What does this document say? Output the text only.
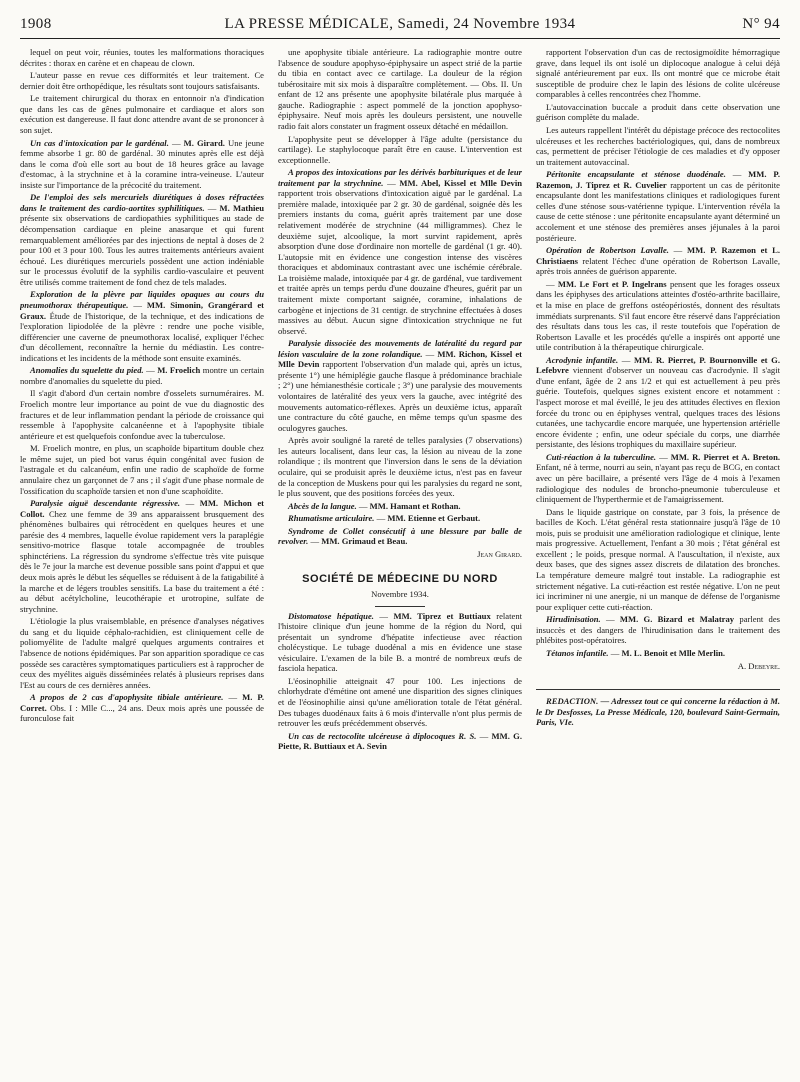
1908	LA PRESSE MÉDICALE, Samedi, 24 Novembre 1934	N° 94

lequel on peut voir, réunies, toutes les malformations thoraciques décrites : thorax en carène et en chapeau de clown.

L'auteur passe en revue ces difformités et leur traitement. Ce dernier doit être orthopédique, les résultats sont toujours satisfaisants.

Le traitement chirurgical du thorax en entonnoir n'a d'indication que dans les cas de gênes pulmonaire et cardiaque et alors son exécution est dangereuse. Il faut donc attendre avant de se prononcer à son sujet.

Un cas d'intoxication par le gardénal. — M. Girard. Une jeune femme absorbe 1 gr. 80 de gardénal. 30 minutes après elle est déjà dans le coma d'où elle sort au bout de 18 heures grâce au lavage d'estomac, à la strychnine et à la coramine intra-veineuse. L'auteur insiste sur l'importance de la précocité du traitement.

De l'emploi des sels mercuriels diurétiques à doses réfractées dans le traitement des cardio-aortites syphilitiques. — M. Mathieu présente six observations de cardiopathies syphilitiques au stade de décompensation cardiaque en pleine anasarque et qui furent remarquablement améliorées par des injections de neptal à doses de 2 pour 100 et 3 pour 100. Tous les autres traitements antérieurs avaient échoué. Les diurétiques mercuriels possèdent une action indéniable sur le processus évolutif de la syphilis cardio-vasculaire et peuvent être utilisés comme traitement de fond chez de tels malades.

Exploration de la plèvre par liquides opaques au cours du pneumothorax thérapeutique. — MM. Simonin, Grangérard et Graux. Étude de l'historique, de la technique, et des indications de l'exploration lipiodolée de la plèvre : rendre une poche visible, différencier une caverne de pneumothorax localisé, expliquer l'échec d'un décollement, reconnaître la hernie du médiastin. Les contre-indications et les incidents de la méthode sont ensuite examinés.

Anomalies du squelette du pied. — M. Froelich montre un certain nombre d'anomalies du squelette du pied.

Il s'agit d'abord d'un certain nombre d'osselets surnuméraires. M. Froelich montre leur importance au point de vue du diagnostic des fractures et de leur inflammation pendant la période de croissance qui ressemble à l'apophysite calcanéenne et à l'apophysite tibiale antérieure et est quelquefois confondue avec la tuberculose.

M. Froelich montre, en plus, un scaphoïde bipartitum double chez le même sujet, un pied bot varus équin congénital avec fusion de l'astragale et du calcanéum, enfin une radio de scaphoïde de forme annulaire chez un garçonnet de 7 ans ; il s'agit d'une phase normale de l'ossification du scaphoïde tarsien et non d'une scaphoïdite.

Paralysie aiguë descendante régressive. — MM. Michon et Collot. Chez une femme de 39 ans apparaissent brusquement des phénomènes bulbaires qui rétrocèdent en quelques heures et une parésie des 4 membres, laquelle évolue rapidement vers la paraplégie sensitivo-motrice flasque totale accompagnée de troubles sphinctériens. La régression du syndrome s'effectue très vite puisque dès le 7e jour la marche est devenue possible sans point d'appui et que deux mois après le début les séquelles se réduisent à de la fatigabilité à la marche et de légers troubles sensitifs. La base du traitement a été : au début acétylcholine, leucothérapie et urotropine, sulfate de strychnine.

L'étiologie la plus vraisemblable, en présence d'analyses négatives du sang et du liquide céphalo-rachidien, est cliniquement celle de poliomyélite de l'adulte malgré quelques arguments contraires et l'absence de notions épidémiques. Par son apparition sporadique ce cas possède ses caractères symptomatiques particuliers est à rapprocher de ceux des myélites aiguës disséminées relatés à plusieurs reprises dans l'Est au cours de ces dernières années.

A propos de 2 cas d'apophysite tibiale antérieure. — M. P. Corret. Obs. I : Mlle C..., 24 ans. Deux mois après une poussée de furonculose fait

une apophysite tibiale antérieure. La radiographie montre outre l'absence de soudure apophyso-épiphysaire un aspect strié de la partie du tibia en contact avec ce cartilage. La douleur de la région tubérositaire mit six mois à disparaître complètement. — Obs. II. Un enfant de 12 ans présente une apophysite bilatérale plus marquée à gauche. Radiographie : aspect pommelé de la jonction apophyso-épiphysaire. Neuf mois après les douleurs persistent, une nouvelle radio fait alors constater un fragment osseux détaché en médaillon.

L'apophysite peut se développer à l'âge adulte (persistance du cartilage). Le staphylocoque paraît être en cause. L'intervention est exceptionnelle.

A propos des intoxications par les dérivés barbituriques et de leur traitement par la strychnine. — MM. Abel, Kissel et Mlle Devin rapportent trois observations d'intoxication aiguë par le gardénal. La première malade, intoxiquée par 2 gr. 30 de gardénal, soignée dès les premiers instants du coma, guérit après traitement par une dose relativement modérée de strychnine (44 milligrammes). Chez le deuxième sujet, alcoolique, la mort survint rapidement, après absorption d'une dose d'ordinaire non mortelle de gardénal (1 gr. 40). L'autopsie mit en évidence une congestion intense des viscères thoraciques et abdominaux contrastant avec une ischémie cérébrale. La troisième malade, intoxiquée par 4 gr. de gardénal, vue tardivement et traitée après un temps perdu d'une douzaine d'heures, guérit par un traitement mixte comportant saignée, coramine, inhalations de carbogène et injections de 31 centigr. de strychnine effectuées à doses massives au début. Aucun signe d'intoxication strychnique ne fut observé.

Paralysie dissociée des mouvements de latéralité du regard par lésion vasculaire de la zone rolandique. — MM. Richon, Kissel et Mlle Devin rapportent l'observation d'un malade qui, après un ictus, présente 1°) une hémiplégie gauche flasque à prédominance brachiale ; 2°) une hémianesthésie corticale ; 3°) une paralysie des mouvements volontaires de latéralité des yeux vers la gauche, avec intégrité des mouvements automatico-réflexes. Après un deuxième ictus, apparaît une contracture du côté gauche, en même temps qu'un spasme des oculogyres gauches.

Après avoir souligné la rareté de telles paralysies (7 observations) les auteurs localisent, dans leur cas, la lésion au niveau de la zone rolandique ; ils montrent que l'inversion dans le sens de la déviation oculaire, qui se produisit après le deuxième ictus, n'est pas en faveur de la conception de Muskens pour qui les paralysies du regard ne sont, le plus souvent, que des positions forcées des yeux.

Abcès de la langue. — MM. Hamant et Rothan.

Rhumatisme articulaire. — MM. Etienne et Gerbaut.

Syndrome de Collet consécutif à une blessure par balle de revolver. — MM. Grimaud et Beau.

Jean Girard.
SOCIÉTÉ DE MÉDECINE DU NORD
Novembre 1934.

Distomatose hépatique. — MM. Tiprez et Buttiaux relatent l'histoire clinique d'un jeune homme de la région du Nord, qui présentait un syndrome d'hépatite infectieuse avec réaction cholécystique. Le tubage duodénal a mis en évidence une stase vésiculaire. L'examen de la bile B. a montré de nombreux œufs de fasciola hepatica.

L'éosinophilie atteignait 47 pour 100. Les injections de chlorhydrate d'émétine ont amené une disparition des signes cliniques et de l'éosinophilie ainsi qu'une amélioration totale de l'état général. Des tubages duodénaux faits à 6 mois d'intervalle n'ont plus permis de retrouver les œufs précédemment observés.

Un cas de rectocolite ulcéreuse à diplocoques R. S. — MM. G. Piette, R. Buttiaux et A. Sevin

rapportent l'observation d'un cas de rectosigmoïdite hémorragique grave, dans lequel ils ont isolé un diplocoque analogue à celui déjà signalé antérieurement par eux. Ils ont montré que ce microbe était susceptible de produire chez le lapin des lésions de colite ulcéreuse comparables à celles rencontrées chez l'homme.

L'autovaccination buccale a produit dans cette observation une guérison complète du malade.

Les auteurs rappellent l'intérêt du dépistage précoce des rectocolites ulcéreuses et les recherches bactériologiques, qui, dans de nombreux cas, permettent de préciser l'étiologie de ces maladies et d'y opposer un traitement autovaccinal.

Péritonite encapsulante et sténose duodénale. — MM. P. Razemon, J. Tiprez et R. Cuvelier rapportent un cas de péritonite encapsulante dont les manifestations cliniques et radiologiques furent celles d'une sténose sous-vatérienne typique. L'intervention révéla la cause de cette sténose : une péritonite encapsulante ayant déterminé un accolement et une sténose des premières anses jéjunales à la paroi postérieure.

Opération de Robertson Lavalle. — MM. P. Razemon et L. Christiaens relatent l'échec d'une opération de Robertson Lavalle, après trois années de guérison apparente.

— MM. Le Fort et P. Ingelrans pensent que les forages osseux dans les épiphyses des articulations atteintes d'ostéo-arthrite bacillaire, et la mise en place de greffons ostéopériostés, donnent des résultats immédiats surprenants. S'il faut encore être réservé dans l'appréciation des résultats dans tous les cas, il reste toutefois que l'opération de Robertson Lavalle et les procédés qu'elle a inspirés ont apporté une utile contribution à la thérapeutique chirurgicale.

Acrodynie infantile. — MM. R. Pierret, P. Bournonville et G. Lefebvre viennent d'observer un nouveau cas d'acrodynie. Il s'agit d'une enfant, âgée de 2 ans 1/2 et qui est actuellement à peu près guérie. Toutefois, quelques signes existent encore et notamment : l'aspect morose et mal éveillé, le jeu des attitudes électives en flexion forcée du tronc ou en épiphyses ventral, quelques traces des lésions cutanées, une tachycardie encore marquée, une hypertension artérielle encore évidente ; enfin, une odeur spéciale du corps, une diarrhée persistante, des lésions trophiques du maxillaire supérieur.

Cuti-réaction à la tuberculine. — MM. R. Pierret et A. Breton. Enfant, né à terme, nourri au sein, n'ayant pas reçu de BCG, en contact avec un père bacillaire, a présenté vers l'âge de 4 mois à l'examen radiologique des nodules de broncho-pneumonie tuberculeuse et cliniquement de l'hyperthermie et de l'amaigrissement.

Dans le liquide gastrique on constate, par 3 fois, la présence de bacilles de Koch. L'état général resta stationnaire jusqu'à l'âge de 10 mois, puis se produisit une amélioration radiologique et clinique, lente mais progressive. Actuellement, l'enfant a 30 mois ; l'état général est excellent ; le poids, presque normal. A l'auscultation, il n'existe, aux deux bases, que des signes assez discrets de dilatation des bronches. La température demeure malgré tout instable. La radiographie est strictement négative. La cuti-réaction est restée négative. L'on ne peut ici incriminer ni une anergie, ni un manque de défense de l'organisme pour expliquer cette cuti-réaction.

Hirudinisation. — MM. G. Bizard et Malatray parlent des insuccès et des dangers de l'hirudinisation dans le traitement des phlébites post-opératoires.

Tétanos infantile. — M. L. Benoit et Mlle Merlin.

A. Debeyre.
REDACTION. — Adressez tout ce qui concerne la rédaction à M. le Dr Desfosses, La Presse Médicale, 120, boulevard Saint-Germain, Paris, VIe.
